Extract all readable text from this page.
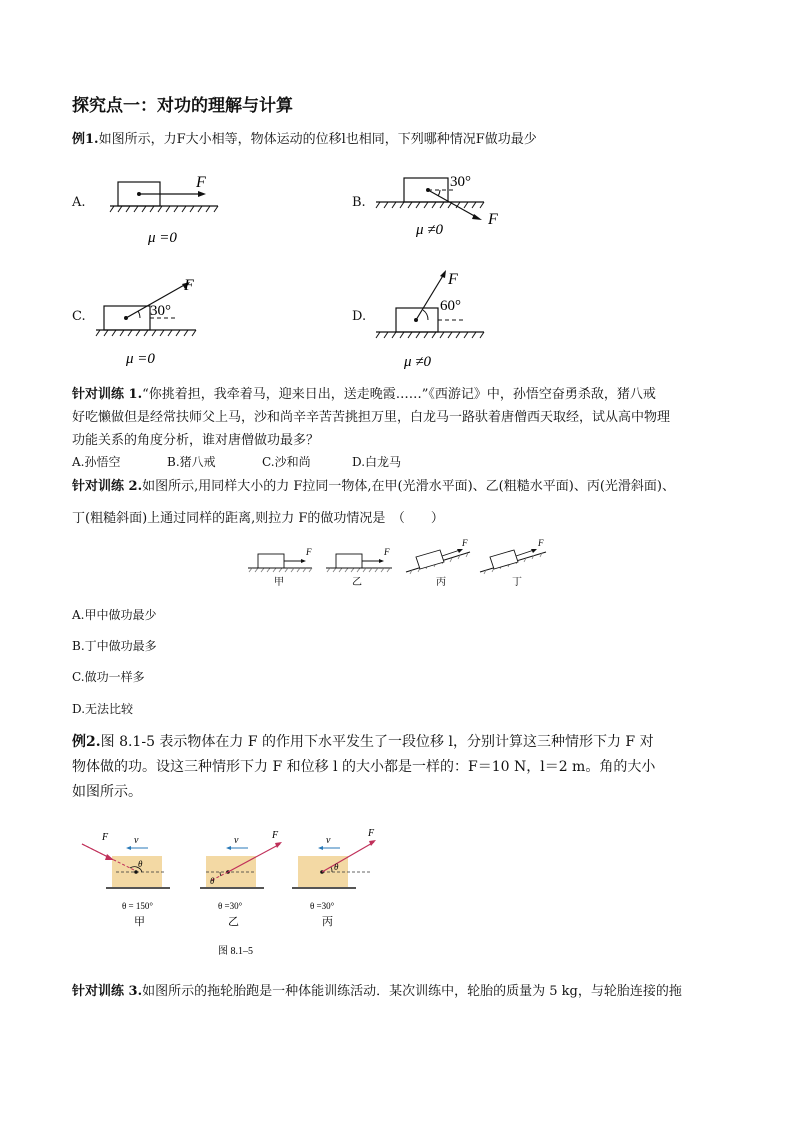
探究点一：对功的理解与计算
例1.如图所示，力F大小相等，物体运动的位移l也相同，下列哪种情况F做功最少
A.
F
μ =0
B.
30°
F
μ ≠0
C.	30°
F
μ =0
D.
60°
F
μ ≠0
针对训练 1.“你挑着担，我牵着马，迎来日出，送走晚霞……”《西游记》中，孙悟空奋勇杀敌，猪八戒
好吃懒做但是经常扶师父上马，沙和尚辛辛苦苦挑担万里，白龙马一路驮着唐僧西天取经，试从高中物理
功能关系的角度分析，谁对唐僧做功最多？
A.孙悟空	B.猪八戒	C.沙和尚	D.白龙马
针对训练 2.如图所示,用同样大小的力 F拉同一物体,在甲(光滑水平面)、乙(粗糙水平面)、丙(光滑斜面)、
丁(粗糙斜面)上通过同样的距离,则拉力 F的做功情况是　（　　）
F
甲
F
乙
F
丙
F
丁
A.甲中做功最少
B.丁中做功最多
C.做功一样多
D.无法比较
例2.图 8.1-5 表示物体在力 F 的作用下水平发生了一段位移 l，分别计算这三种情形下力 F 对
物体做的功。设这三种情形下力 F 和位移 l 的大小都是一样的：F＝10 N，l＝2 m。角的大小
如图所示。
v
F
θ
θ = 150°
甲
v	F
θ
θ =30°
乙
v
F
θ
θ =30°
丙
图 8.1–5
针对训练 3.如图所示的拖轮胎跑是一种体能训练活动．某次训练中，轮胎的质量为 5 kg，与轮胎连接的拖
